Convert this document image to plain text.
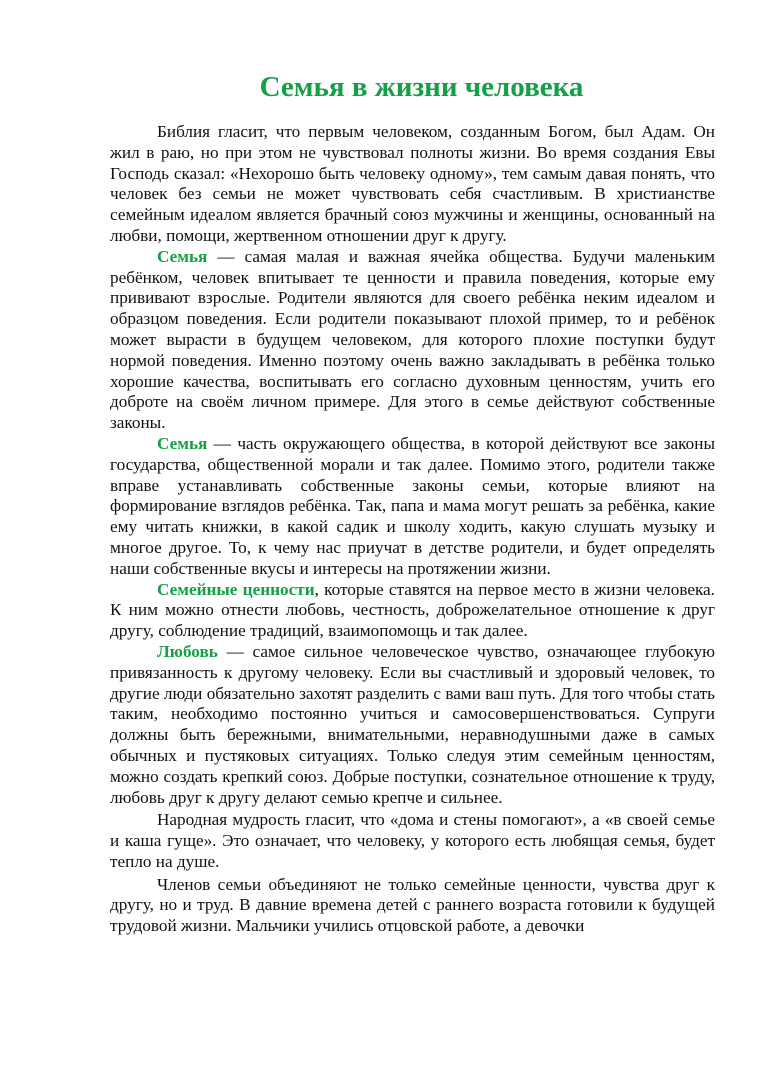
Семья в жизни человека

Библия гласит, что первым человеком, созданным Богом, был Адам. Он жил в раю, но при этом не чувствовал полноты жизни. Во время создания Евы Господь сказал: «Нехорошо быть человеку одному», тем самым давая понять, что человек без семьи не может чувствовать себя счастливым. В христианстве семейным идеалом является брачный союз мужчины и женщины, основанный на любви, помощи, жертвенном отношении друг к другу.

Семья — самая малая и важная ячейка общества. Будучи маленьким ребёнком, человек впитывает те ценности и правила поведения, которые ему прививают взрослые. Родители являются для своего ребёнка неким идеалом и образцом поведения. Если родители показывают плохой пример, то и ребёнок может вырасти в будущем человеком, для которого плохие поступки будут нормой поведения. Именно поэтому очень важно закладывать в ребёнка только хорошие качества, воспитывать его согласно духовным ценностям, учить его доброте на своём личном примере. Для этого в семье действуют собственные законы.

Семья — часть окружающего общества, в которой действуют все законы государства, общественной морали и так далее. Помимо этого, родители также вправе устанавливать собственные законы семьи, которые влияют на формирование взглядов ребёнка. Так, папа и мама могут решать за ребёнка, какие ему читать книжки, в какой садик и школу ходить, какую слушать музыку и многое другое. То, к чему нас приучат в детстве родители, и будет определять наши собственные вкусы и интересы на протяжении жизни.

Семейные ценности, которые ставятся на первое место в жизни человека. К ним можно отнести любовь, честность, доброжелательное отношение к друг другу, соблюдение традиций, взаимопомощь и так далее.

Любовь — самое сильное человеческое чувство, означающее глубокую привязанность к другому человеку. Если вы счастливый и здоровый человек, то другие люди обязательно захотят разделить с вами ваш путь. Для того чтобы стать таким, необходимо постоянно учиться и самосовершенствоваться. Супруги должны быть бережными, внимательными, неравнодушными даже в самых обычных и пустяковых ситуациях. Только следуя этим семейным ценностям, можно создать крепкий союз. Добрые поступки, сознательное отношение к труду, любовь друг к другу делают семью крепче и сильнее.

Народная мудрость гласит, что «дома и стены помогают», а «в своей семье и каша гуще». Это означает, что человеку, у которого есть любящая семья, будет тепло на душе.

Членов семьи объединяют не только семейные ценности, чувства друг к другу, но и труд. В давние времена детей с раннего возраста готовили к будущей трудовой жизни. Мальчики учились отцовской работе, а девочки
